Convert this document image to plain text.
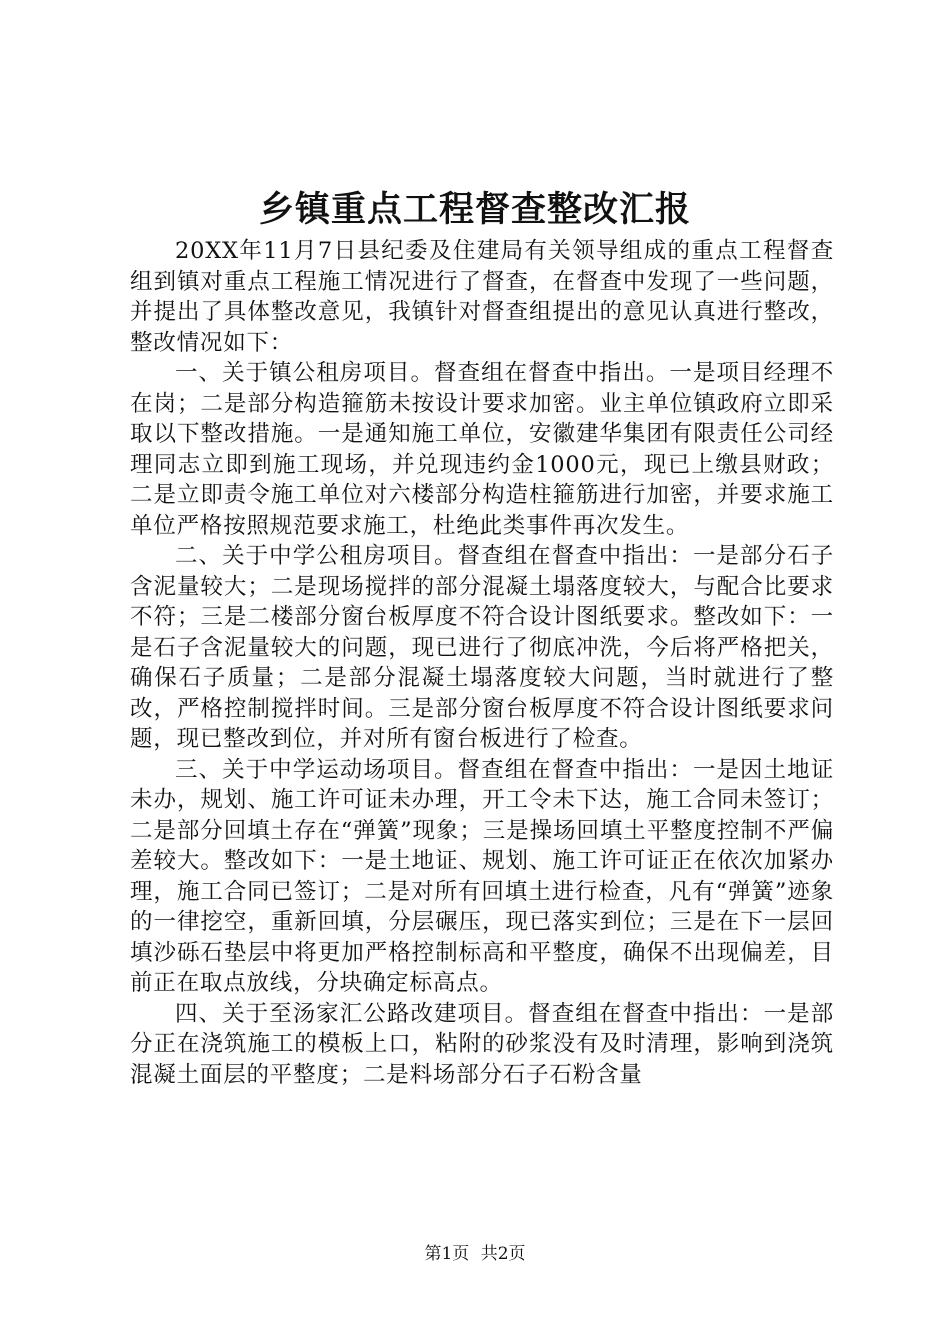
乡镇重点工程督查整改汇报

20XX年11月7日县纪委及住建局有关领导组成的重点工程督查组到镇对重点工程施工情况进行了督查，在督查中发现了一些问题，并提出了具体整改意见，我镇针对督查组提出的意见认真进行整改，整改情况如下：

一、关于镇公租房项目。督查组在督查中指出。一是项目经理不在岗；二是部分构造箍筋未按设计要求加密。业主单位镇政府立即采取以下整改措施。一是通知施工单位，安徽建华集团有限责任公司经理同志立即到施工现场，并兑现违约金1000元，现已上缴县财政；二是立即责令施工单位对六楼部分构造柱箍筋进行加密，并要求施工单位严格按照规范要求施工，杜绝此类事件再次发生。

二、关于中学公租房项目。督查组在督查中指出：一是部分石子含泥量较大；二是现场搅拌的部分混凝土塌落度较大，与配合比要求不符；三是二楼部分窗台板厚度不符合设计图纸要求。整改如下：一是石子含泥量较大的问题，现已进行了彻底冲洗，今后将严格把关，确保石子质量；二是部分混凝土塌落度较大问题，当时就进行了整改，严格控制搅拌时间。三是部分窗台板厚度不符合设计图纸要求问题，现已整改到位，并对所有窗台板进行了检查。

三、关于中学运动场项目。督查组在督查中指出：一是因土地证未办，规划、施工许可证未办理，开工令未下达，施工合同未签订；二是部分回填土存在“弹簧”现象；三是操场回填土平整度控制不严偏差较大。整改如下：一是土地证、规划、施工许可证正在依次加紧办理，施工合同已签订；二是对所有回填土进行检查，凡有“弹簧”迹象的一律挖空，重新回填，分层碾压，现已落实到位；三是在下一层回填沙砾石垫层中将更加严格控制标高和平整度，确保不出现偏差，目前正在取点放线，分块确定标高点。

四、关于至汤家汇公路改建项目。督查组在督查中指出：一是部分正在浇筑施工的模板上口，粘附的砂浆没有及时清理，影响到浇筑混凝土面层的平整度；二是料场部分石子石粉含量

第1页 共2页
